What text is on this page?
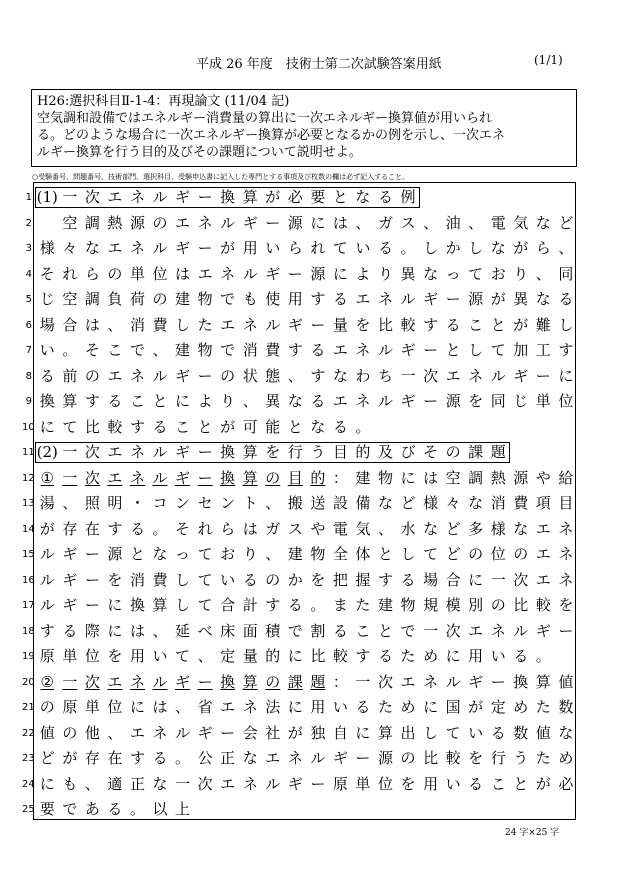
平成 26 年度　技術士第二次試験答案用紙	(1/1)
H26:選択科目Ⅱ-1-4：再現論文 (11/04 記)
空気調和設備ではエネルギー消費量の算出に一次エネルギー換算値が用いられ
る。どのような場合に一次エネルギー換算が必要となるかの例を示し、一次エネ
ルギー換算を行う目的及びその課題について説明せよ。
○受験番号、問題番号、技術部門、選択科目、受験申込書に記入した専門とする事項及び枚数の欄は必ず記入すること。
1 (1) 一 次 エ ネ ル ギ ー 換 算 が 必 要 と な る 例
2
　 空 調 熱 源 の エ ネ ル ギ ー 源 に は 、 ガ ス 、 油 、 電 気 な ど
3 様 々 な エ ネ ル ギ ー が 用 い ら れ て い る 。 し か し な が ら 、
4 そ れ ら の 単 位 は エ ネ ル ギ ー 源 に よ り 異 な っ て お り 、 同
5 じ 空 調 負 荷 の 建 物 で も 使 用 す る エ ネ ル ギ ー 源 が 異 な る
6 場 合 は 、 消 費 し た エ ネ ル ギ ー 量 を 比 較 す る こ と が 難 し
7 い 。 そ こ で 、 建 物 で 消 費 す る エ ネ ル ギ ー と し て 加 工 す
8 る 前 の エ ネ ル ギ ー の 状 態 、 す な わ ち 一 次 エ ネ ル ギ ー に
9 換 算 す る こ と に よ り 、 異 な る エ ネ ル ギ ー 源 を 同 じ 単 位
10 に て 比 較 す る こ と が 可 能 と な る 。
11 (2) 一 次 エ ネ ル ギ ー 換 算 を 行 う 目 的 及 び そ の 課 題
12 ① 一 次 エ ネ ル ギ ー 換 算 の 目 的 ： 建 物 に は 空 調 熱 源 や 給
13 湯 、 照 明 ・ コ ン セ ン ト 、 搬 送 設 備 な ど 様 々 な 消 費 項 目
14 が 存 在 す る 。 そ れ ら は ガ ス や 電 気 、 水 な ど 多 様 な エ ネ
15 ル ギ ー 源 と な っ て お り 、 建 物 全 体 と し て ど の 位 の エ ネ
16 ル ギ ー を 消 費 し て い る の か を 把 握 す る 場 合 に 一 次 エ ネ
17 ル ギ ー に 換 算 し て 合 計 す る 。 ま た 建 物 規 模 別 の 比 較 を
18 す る 際 に は 、 延 べ 床 面 積 で 割 る こ と で 一 次 エ ネ ル ギ ー
19 原 単 位 を 用 い て 、 定 量 的 に 比 較 す る た め に 用 い る 。
20 ② 一 次 エ ネ ル ギ ー 換 算 の 課 題 ： 一 次 エ ネ ル ギ ー 換 算 値
21 の 原 単 位 に は 、 省 エ ネ 法 に 用 い る た め に 国 が 定 め た 数
22 値 の 他 、 エ ネ ル ギ ー 会 社 が 独 自 に 算 出 し て い る 数 値 な
23 ど が 存 在 す る 。 公 正 な エ ネ ル ギ ー 源 の 比 較 を 行 う た め
24 に も 、 適 正 な 一 次 エ ネ ル ギ ー 原 単 位 を 用 い る こ と が 必
25 要 で あ る 。 以 上
24 字×25 字
